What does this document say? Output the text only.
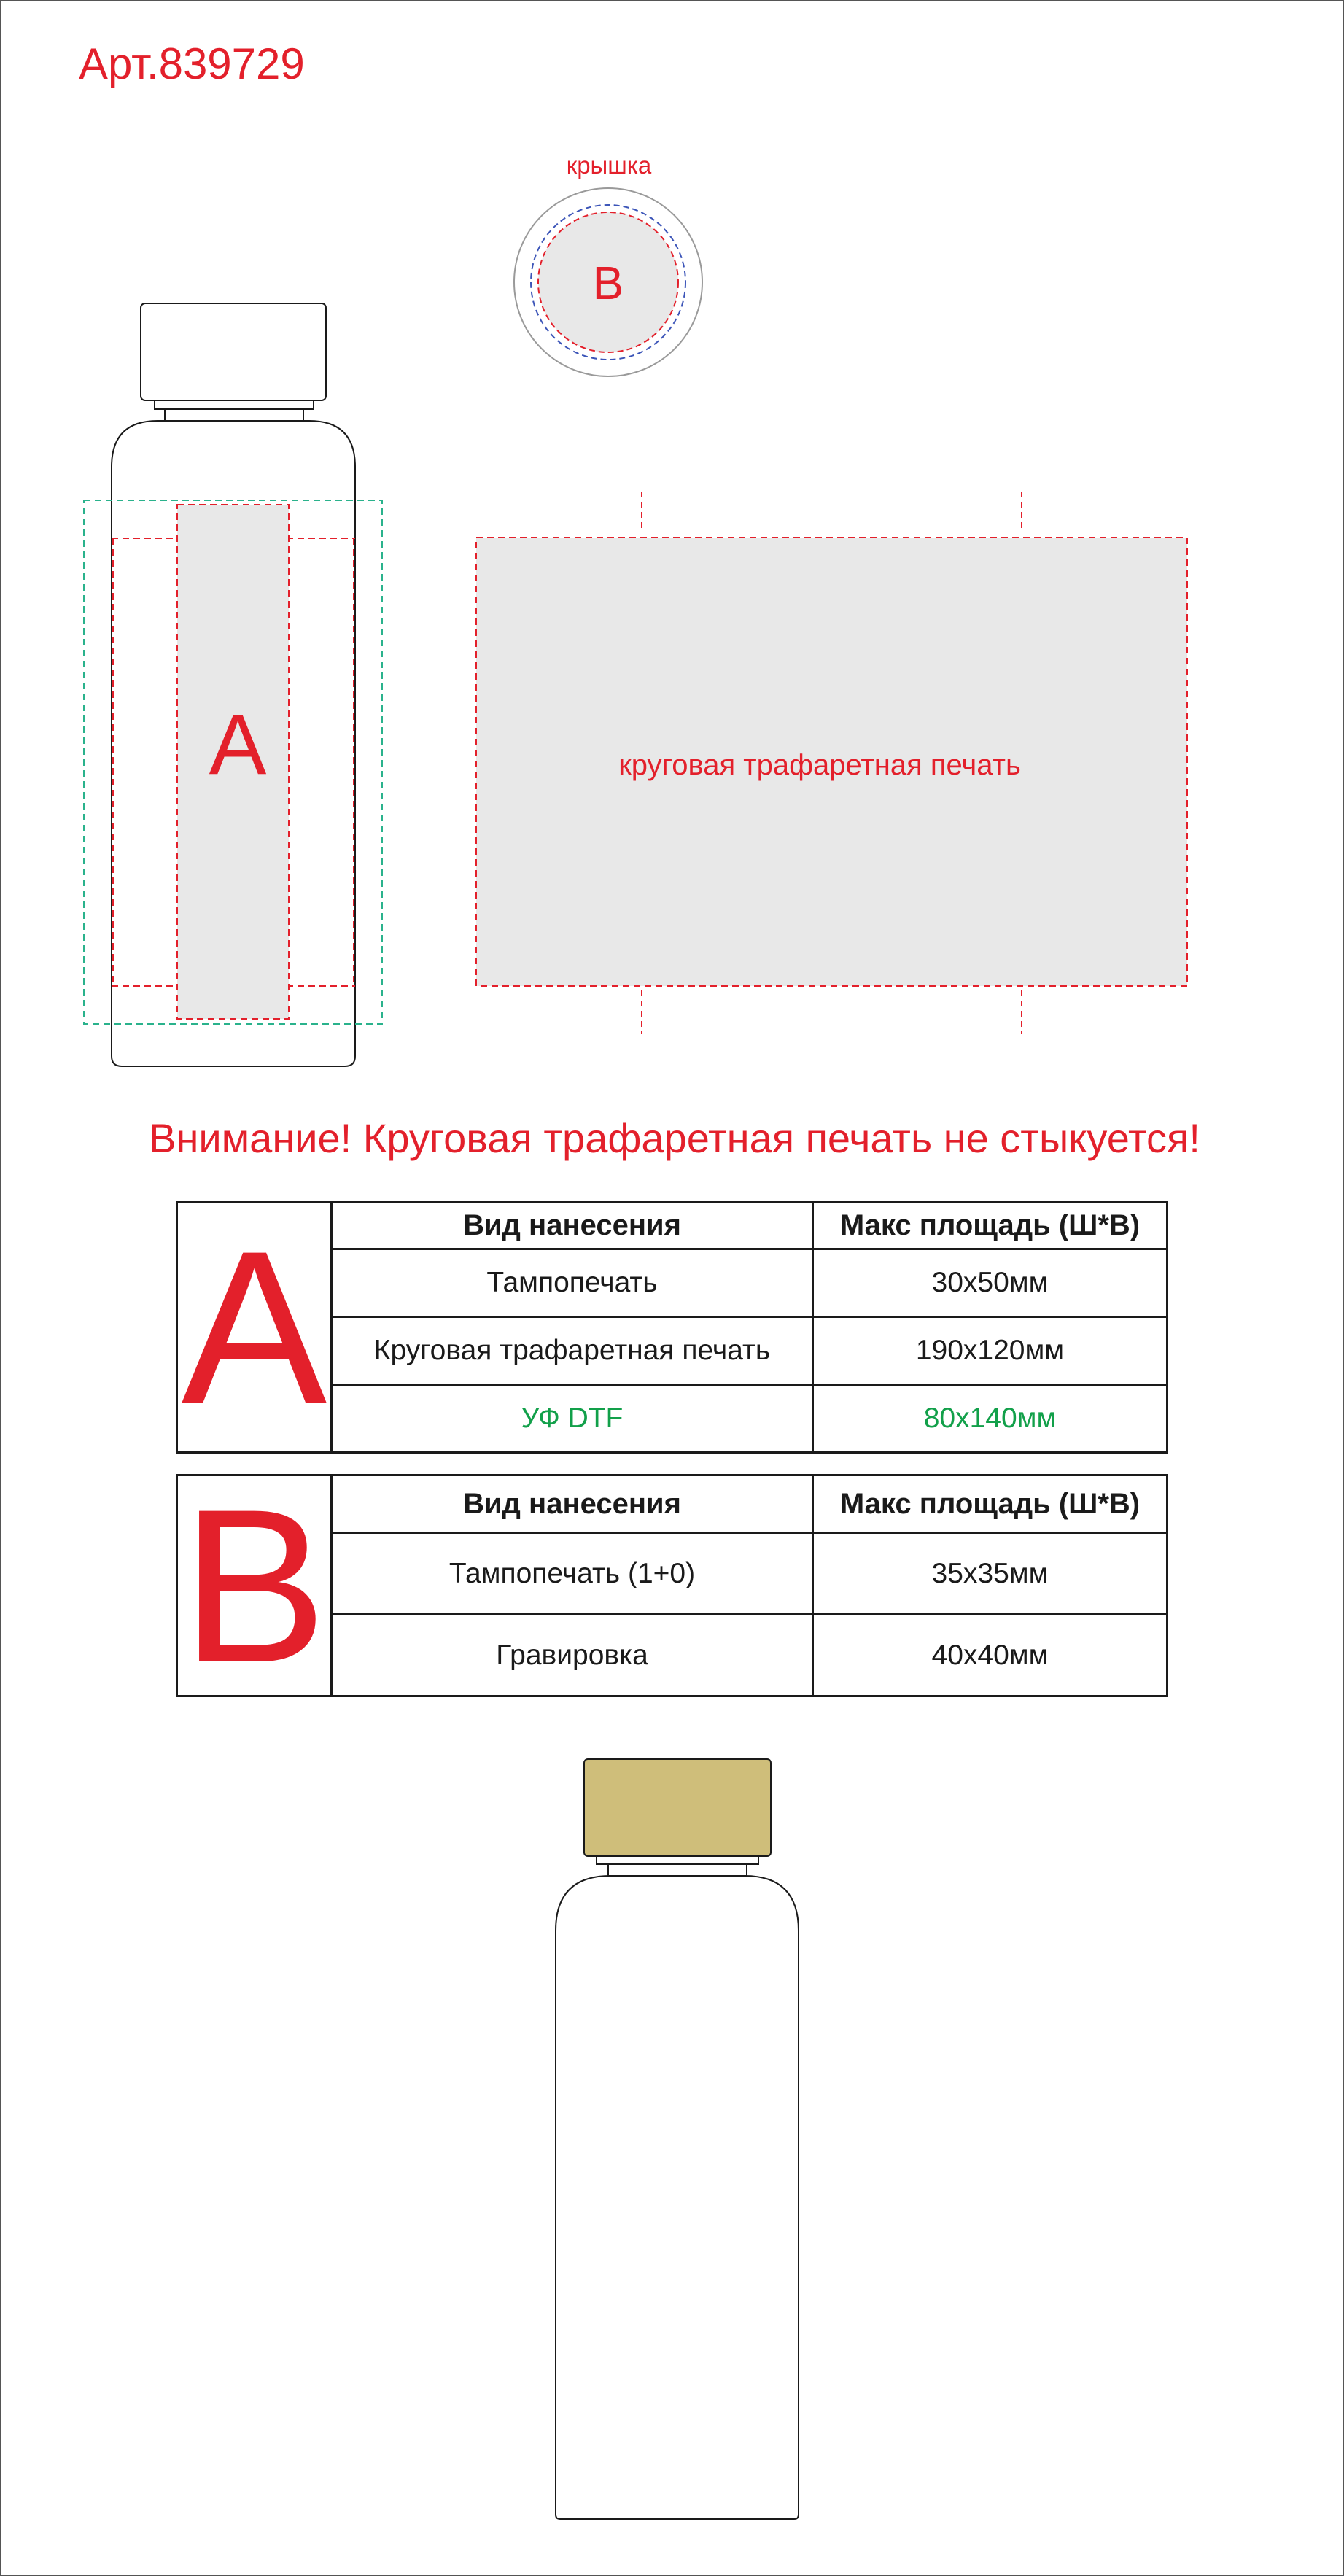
Арт.839729
крышка
B
A	круговая трафаретная печать
Внимание! Круговая трафаретная печать не стыкуется!
A	Вид нанесения	Макс площадь (Ш*В)
	Тампопечать	30х50мм
	Круговая трафаретная печать	190х120мм
	УФ DTF	80х140мм
B	Вид нанесения	Макс площадь (Ш*В)
	Тампопечать (1+0)	35х35мм
	Гравировка	40х40мм
